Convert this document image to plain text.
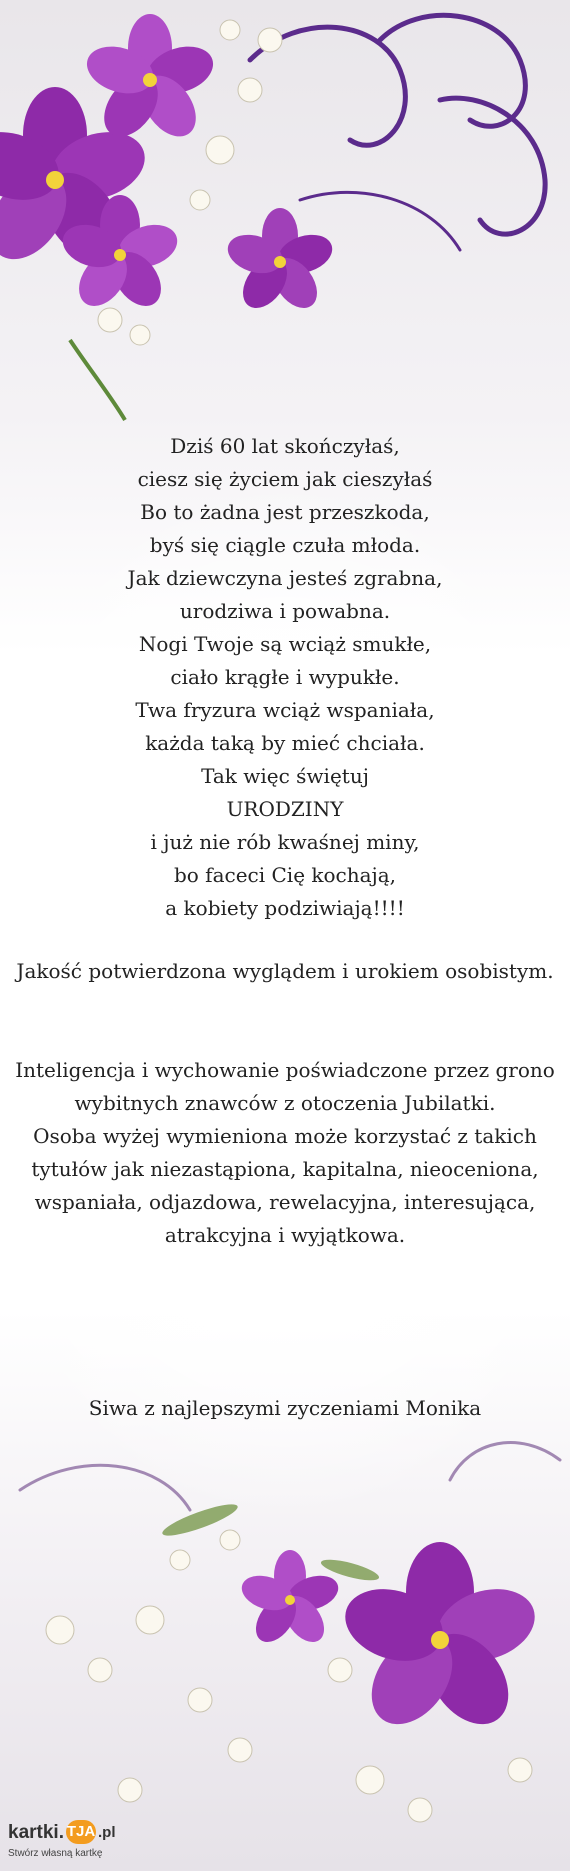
Dziś 60 lat skończyłaś,
ciesz się życiem jak cieszyłaś
Bo to żadna jest przeszkoda,
byś się ciągle czuła młoda.
Jak dziewczyna jesteś zgrabna,
urodziwa i powabna.
Nogi Twoje są wciąż smukłe,
ciało krągłe i wypukłe.
Twa fryzura wciąż wspaniała,
każda taką by mieć chciała.
Tak więc świętuj
URODZINY
i już nie rób kwaśnej miny,
bo faceci Cię kochają,
a kobiety podziwiają!!!!
Jakość potwierdzona wyglądem i urokiem osobistym.
Inteligencja i wychowanie poświadczone przez grono
wybitnych znawców z otoczenia Jubilatki.
Osoba wyżej wymieniona może korzystać z takich
tytułów jak niezastąpiona, kapitalna, nieoceniona,
wspaniała, odjazdowa, rewelacyjna, interesująca,
atrakcyjna i wyjątkowa.
Siwa z najlepszymi zyczeniami Monika
kartki. TJA .pl
Stwórz własną kartkę
